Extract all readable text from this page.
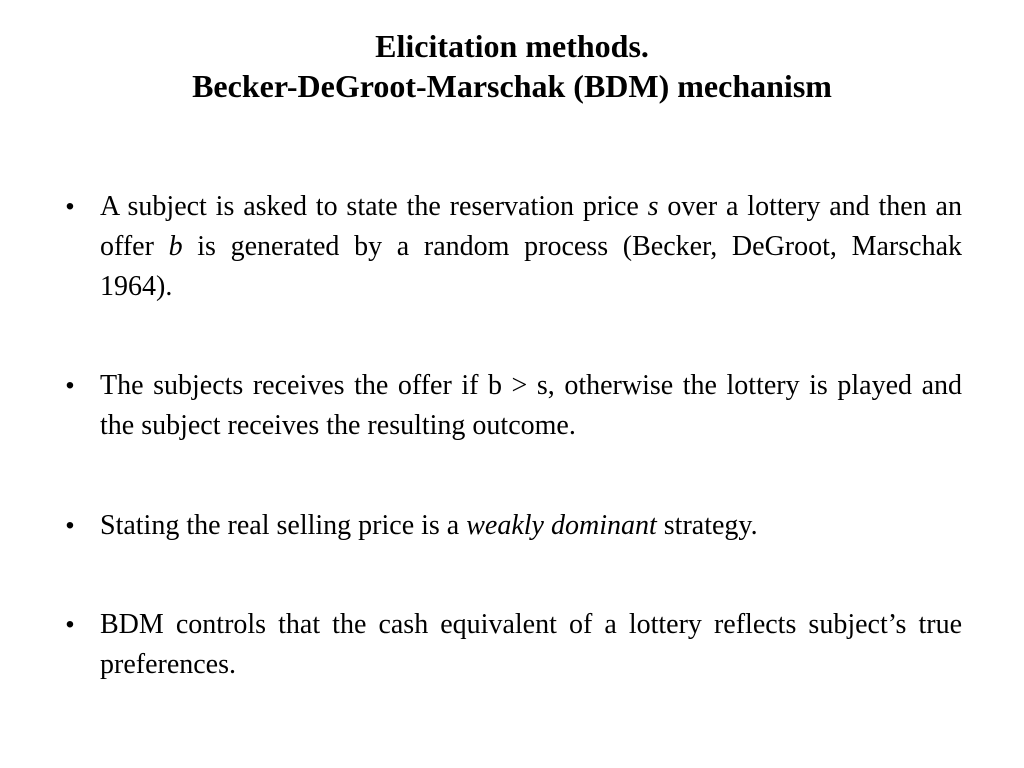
Elicitation methods.
Becker-DeGroot-Marschak (BDM) mechanism
• A subject is asked to state the reservation price s over a lottery and then an offer b is generated by a random process (Becker, DeGroot, Marschak 1964).
• The subjects receives the offer if b > s, otherwise the lottery is played and the subject receives the resulting outcome.
• Stating the real selling price is a weakly dominant strategy.
• BDM controls that the cash equivalent of a lottery reflects subject’s true preferences.
